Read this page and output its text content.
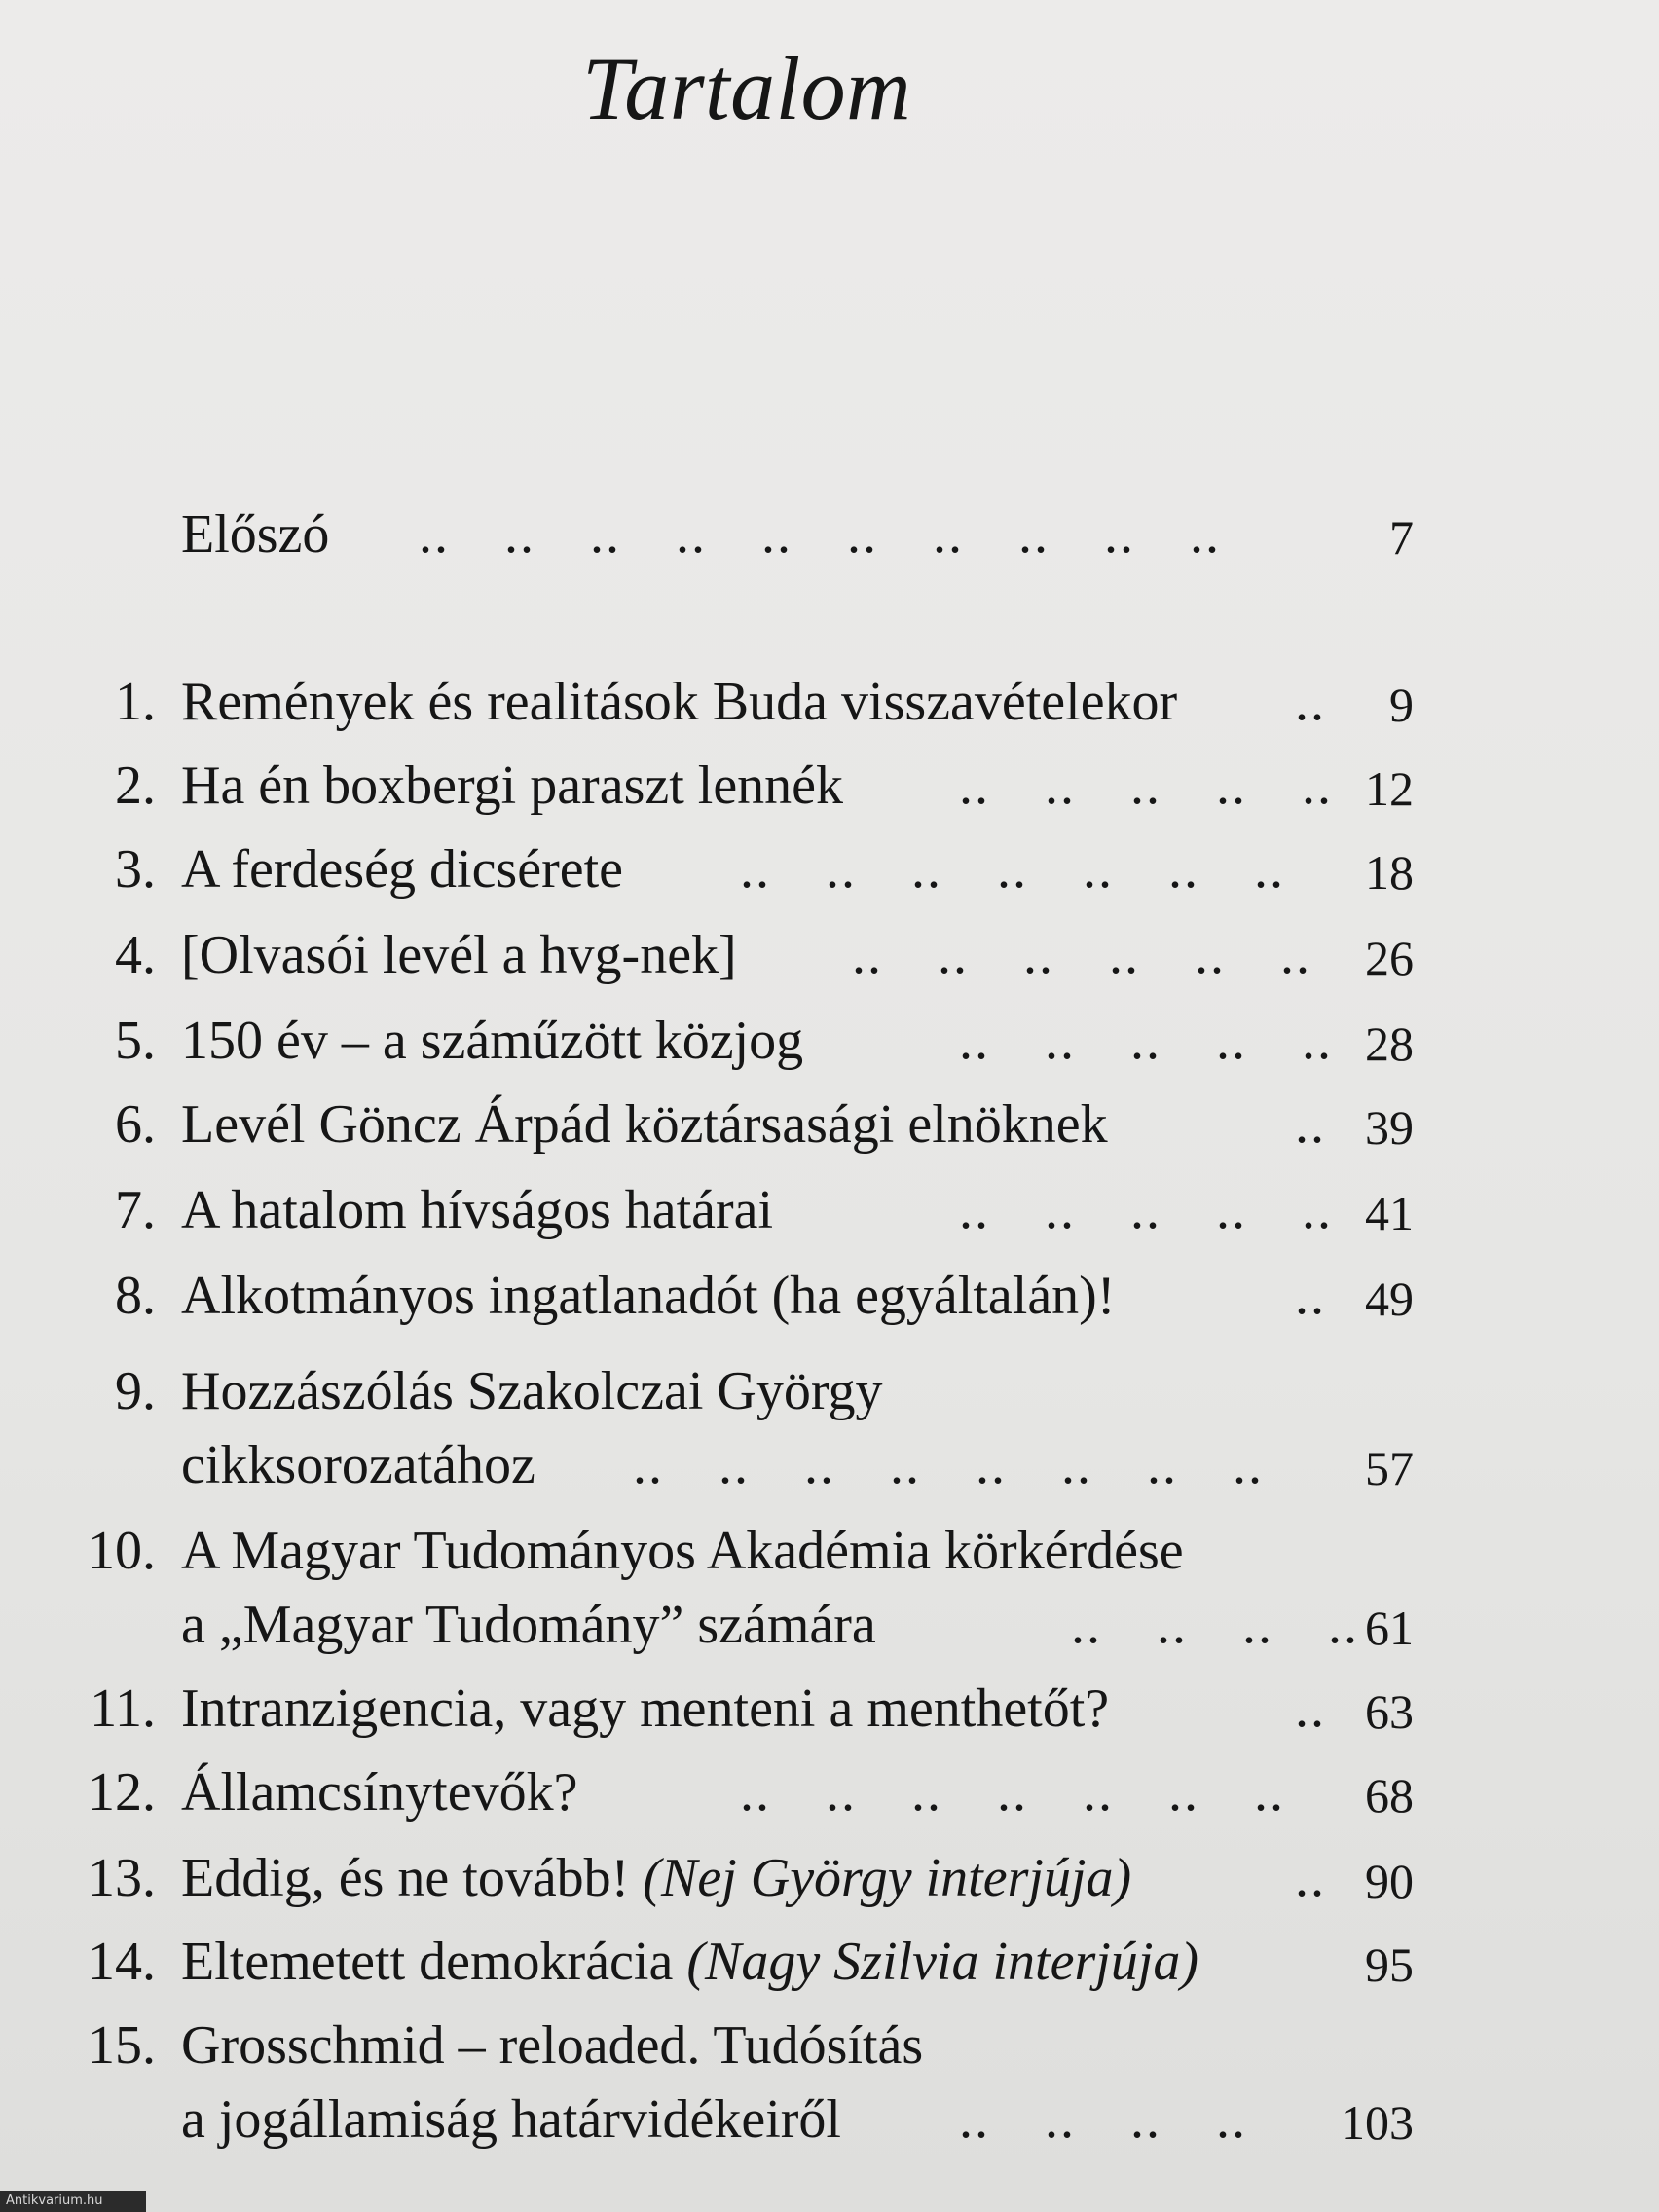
Tartalom
Előszó .. .. .. .. .. .. .. .. .. ..	7
1. Remények és realitások Buda visszavételekor .. 9
2. Ha én boxbergi paraszt lennék .. .. .. .. .. 12
3. A ferdeség dicsérete .. .. .. .. .. .. .. 18
4. [Olvasói levél a hvg-nek] .. .. .. .. .. .. 26
5. 150 év – a száműzött közjog	.. .. .. .. .. 28
6. Levél Göncz Árpád köztársasági elnöknek	.. 39
7. A hatalom hívságos határai	.. .. .. .. .. 41
8. Alkotmányos ingatlanadót (ha egyáltalán)!	.. 49
9. Hozzászólás Szakolczai György
cikksorozatához .. .. .. .. .. .. .. .. 57
10. A Magyar Tudományos Akadémia körkérdése
a „Magyar Tudomány” számára	.. .. .. .. 61
11. Intranzigencia, vagy menteni a menthetőt?	.. 63
12. Államcsínytevők?	.. .. .. .. .. .. .. 68
13. Eddig, és ne tovább! (Nej György interjúja)	.. 90
14. Eltemetett demokrácia (Nagy Szilvia interjúja)	95
15. Grosschmid – reloaded. Tudósítás
a jogállamiság határvidékeiről .. .. .. .. 103
Antikvarium.hu
